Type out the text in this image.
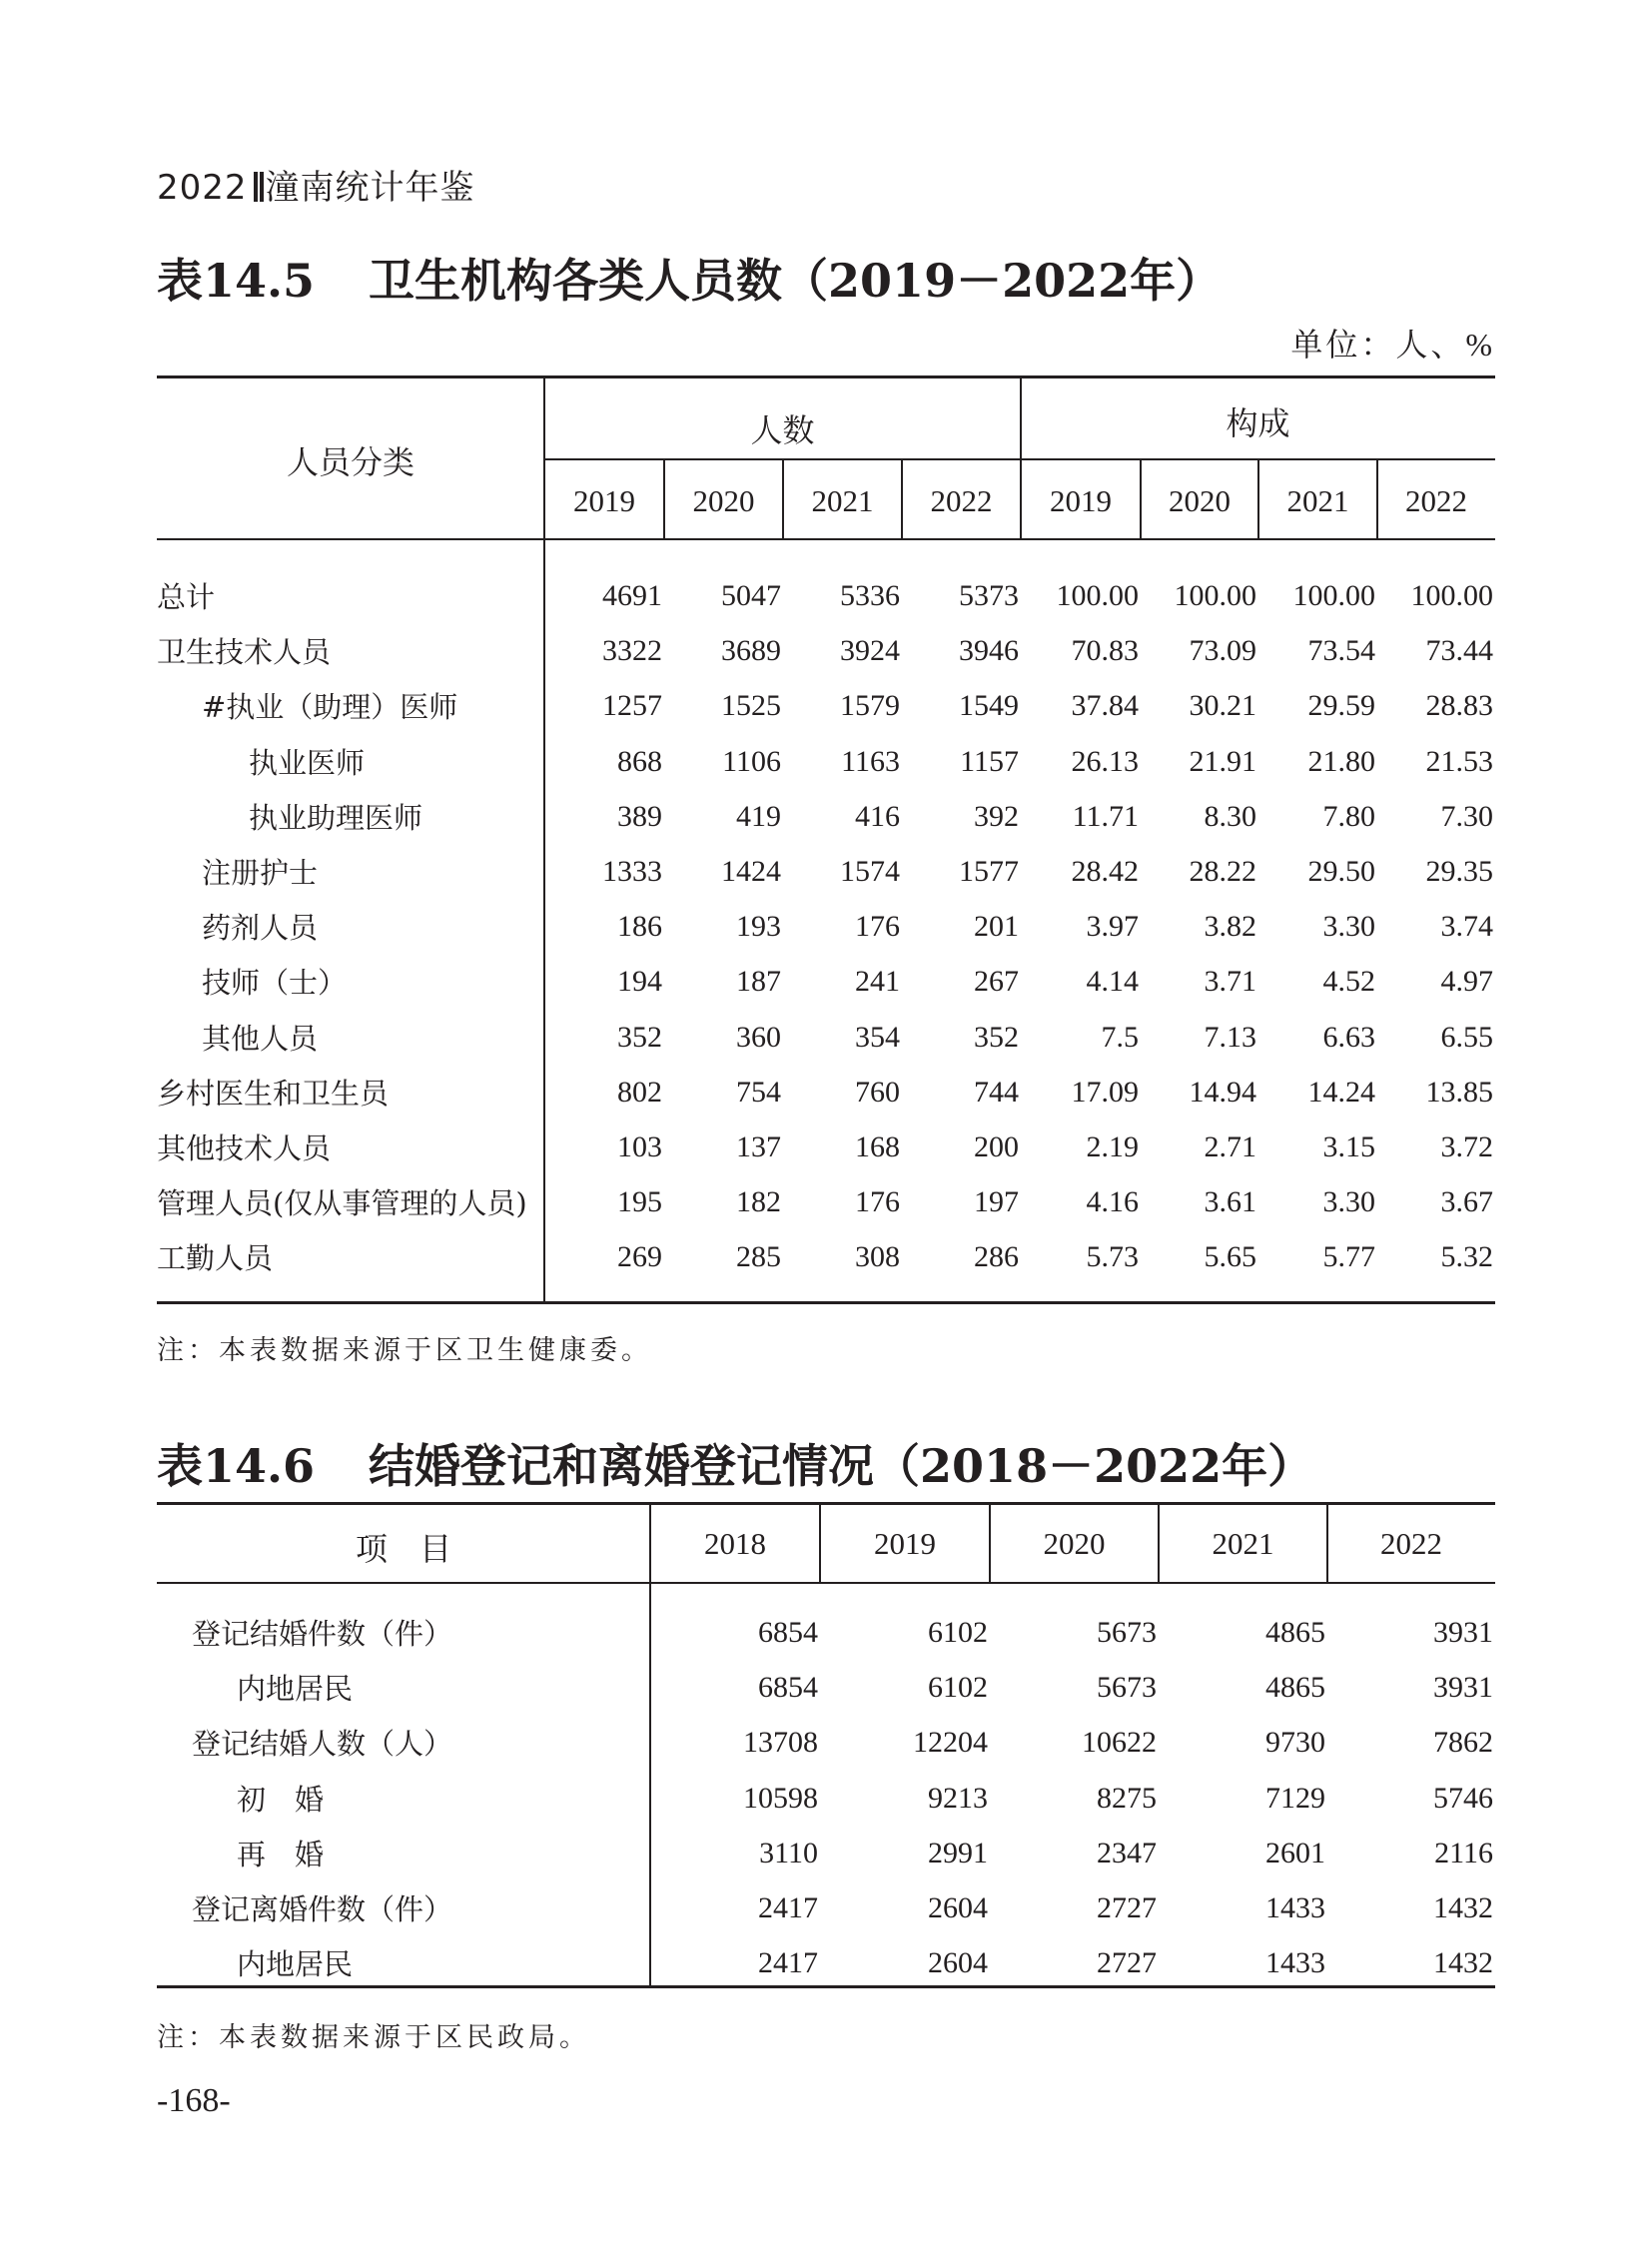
2022 潼南统计年鉴
表14.5 卫生机构各类人员数（2019－2022年）
单位：人、%
人员分类
人数	构成
2019	2020	2021	2022	2019	2020	2021	2022
总计	4691	5047	5336	5373	100.00	100.00	100.00	100.00
卫生技术人员	3322	3689	3924	3946	70.83	73.09	73.54	73.44
#执业（助理）医师	1257	1525	1579	1549	37.84	30.21	29.59	28.83
执业医师	868	1106	1163	1157	26.13	21.91	21.80	21.53
执业助理医师	389	419	416	392	11.71	8.30	7.80	7.30
注册护士	1333	1424	1574	1577	28.42	28.22	29.50	29.35
药剂人员	186	193	176	201	3.97	3.82	3.30	3.74
技师（士）	194	187	241	267	4.14	3.71	4.52	4.97
其他人员	352	360	354	352	7.5	7.13	6.63	6.55
乡村医生和卫生员	802	754	760	744	17.09	14.94	14.24	13.85
其他技术人员	103	137	168	200	2.19	2.71	3.15	3.72
管理人员(仅从事管理的人员)	195	182	176	197	4.16	3.61	3.30	3.67
工勤人员	269	285	308	286	5.73	5.65	5.77	5.32
注：本表数据来源于区卫生健康委。
表14.6 结婚登记和离婚登记情况（2018－2022年）
项　目	2018	2019	2020	2021	2022
登记结婚件数（件）	6854	6102	5673	4865	3931
内地居民	6854	6102	5673	4865	3931
登记结婚人数（人）	13708	12204	10622	9730	7862
初　婚	10598	9213	8275	7129	5746
再　婚	3110	2991	2347	2601	2116
登记离婚件数（件）	2417	2604	2727	1433	1432
内地居民	2417	2604	2727	1433	1432
注：本表数据来源于区民政局。
-168-
